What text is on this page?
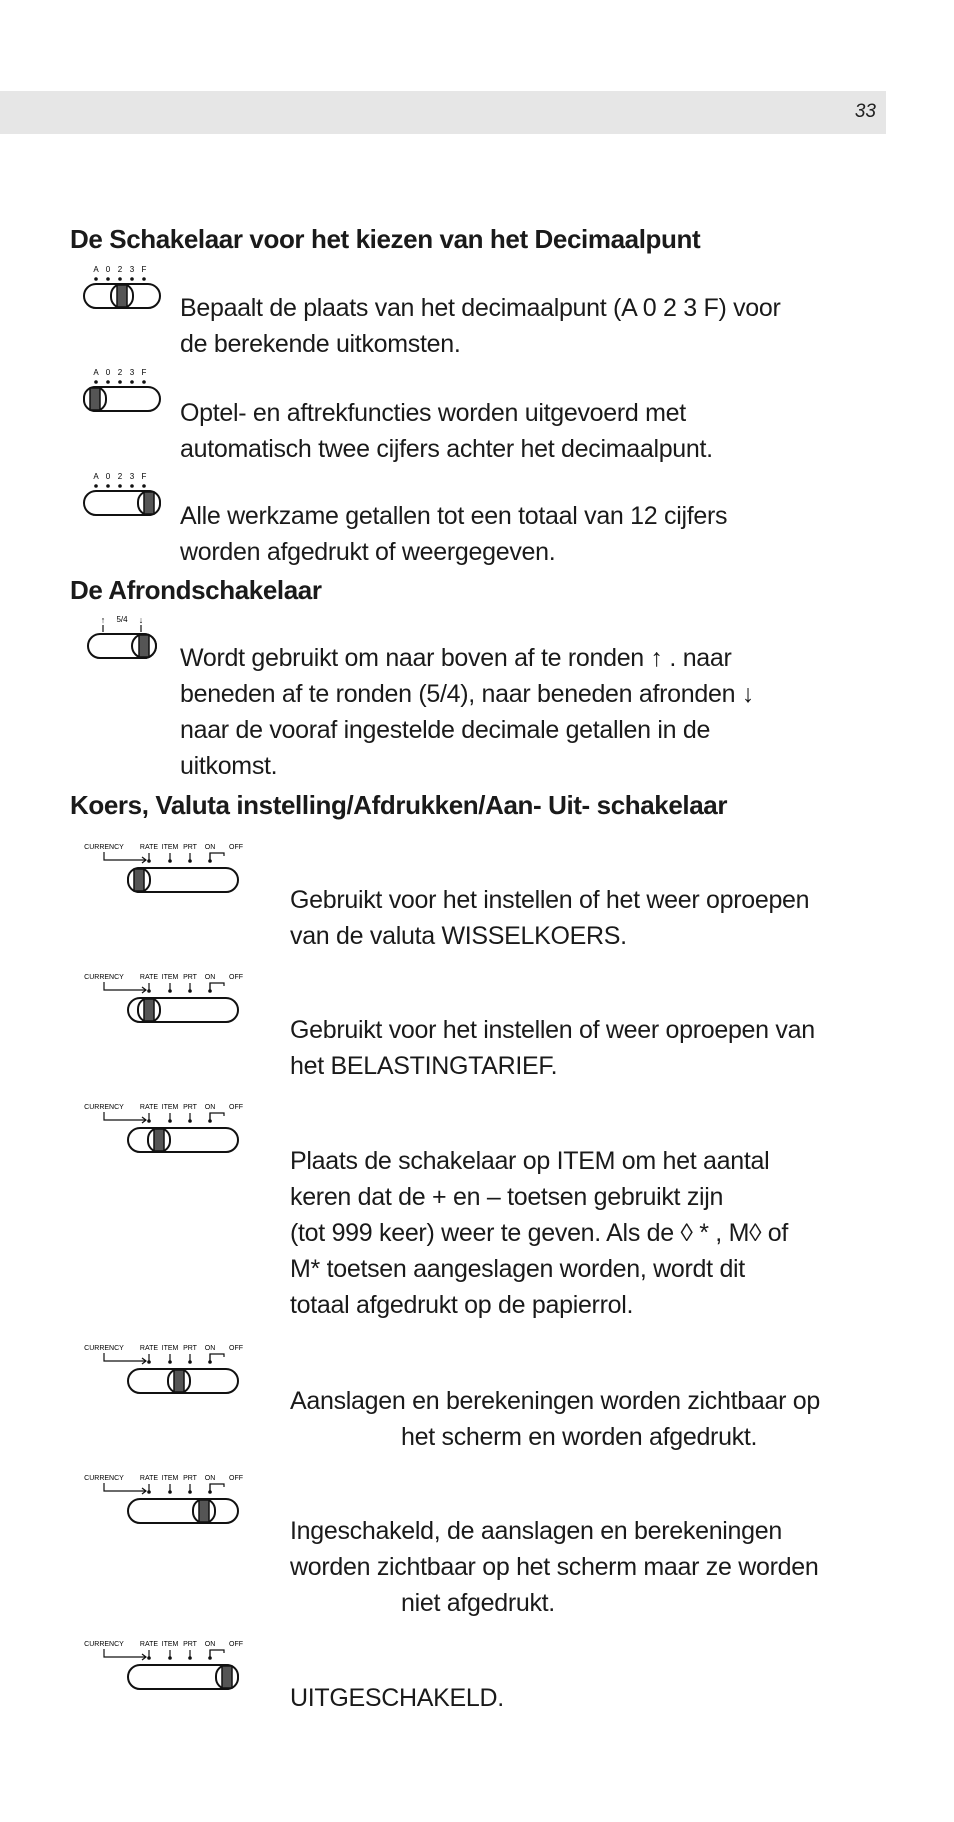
33
De Schakelaar voor het kiezen van het Decimaalpunt
A 0 2 3 F

Bepaalt de plaats van het decimaalpunt (A 0 2 3 F) voor
de berekende uitkomsten.

A 0 2 3 F

Optel- en aftrekfuncties worden uitgevoerd met
automatisch twee cijfers achter het decimaalpunt.

A 0 2 3 F

Alle werkzame getallen tot een totaal van 12 cijfers
worden afgedrukt of weergegeven.

De Afrondschakelaar
↑ 5/4 ↓

Wordt gebruikt om naar boven af te ronden ↑ . naar
beneden af te ronden (5/4), naar beneden afronden ↓
naar de vooraf ingestelde decimale getallen in de
uitkomst.

Koers, Valuta instelling/Afdrukken/Aan- Uit- schakelaar
CURRENCY RATE ITEM PRT ON OFF

Gebruikt voor het instellen of het weer oproepen
van de valuta WISSELKOERS.

CURRENCY RATE ITEM PRT ON OFF

Gebruikt voor het instellen of weer oproepen van
het BELASTINGTARIEF.

CURRENCY RATE ITEM PRT ON OFF

Plaats de schakelaar op ITEM om het aantal
keren dat de + en – toetsen gebruikt zijn
(tot 999 keer) weer te geven. Als de ◊ * , M◊ of
M* toetsen aangeslagen worden, wordt dit
totaal afgedrukt op de papierrol.

CURRENCY RATE ITEM PRT ON OFF

Aanslagen en berekeningen worden zichtbaar op

het scherm en worden afgedrukt.

CURRENCY RATE ITEM PRT ON OFF

Ingeschakeld, de aanslagen en berekeningen
worden zichtbaar op het scherm maar ze worden

niet afgedrukt.

CURRENCY RATE ITEM PRT ON OFF

UITGESCHAKELD.
